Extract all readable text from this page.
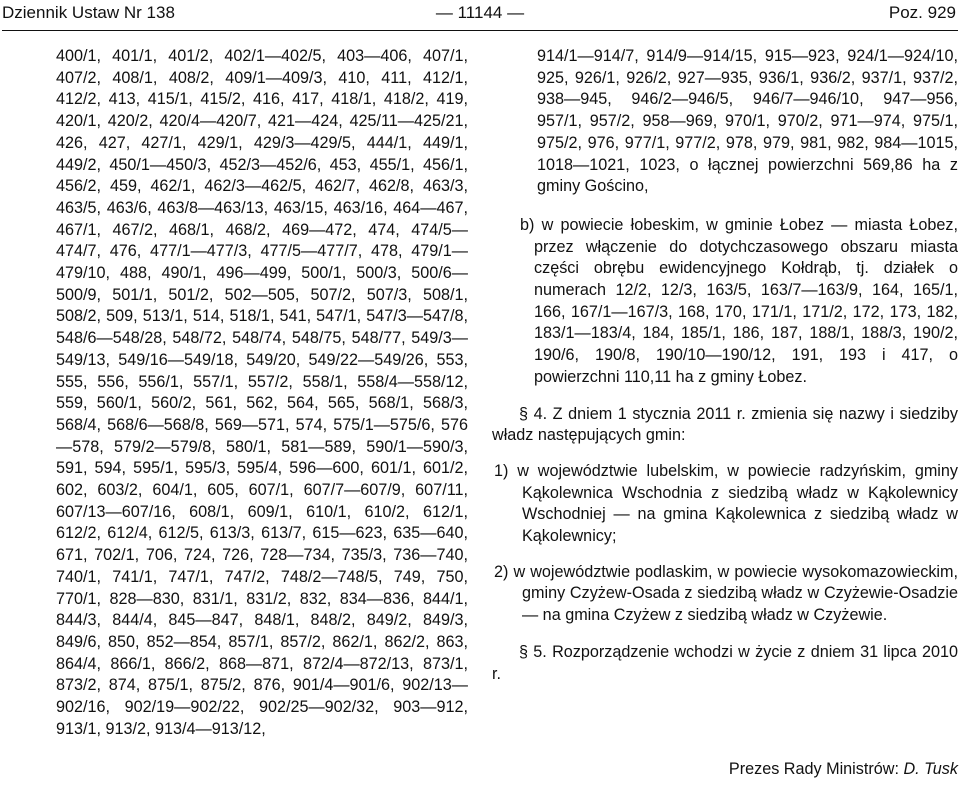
Dziennik Ustaw Nr 138	— 11144 —	Poz. 929

400/1, 401/1, 401/2, 402/1—402/5, 403—406, 407/1, 407/2, 408/1, 408/2, 409/1—409/3, 410, 411, 412/1, 412/2, 413, 415/1, 415/2, 416, 417, 418/1, 418/2, 419, 420/1, 420/2, 420/4—420/7, 421—424, 425/11—425/21, 426, 427, 427/1, 429/1, 429/3—429/5, 444/1, 449/1, 449/2, 450/1—450/3, 452/3—452/6, 453, 455/1, 456/1, 456/2, 459, 462/1, 462/3—462/5, 462/7, 462/8, 463/3, 463/5, 463/6, 463/8—463/13, 463/15, 463/16, 464—467, 467/1, 467/2, 468/1, 468/2, 469—472, 474, 474/5—474/7, 476, 477/1—477/3, 477/5—477/7, 478, 479/1—479/10, 488, 490/1, 496—499, 500/1, 500/3, 500/6—500/9, 501/1, 501/2, 502—505, 507/2, 507/3, 508/1, 508/2, 509, 513/1, 514, 518/1, 541, 547/1, 547/3—547/8, 548/6—548/28, 548/72, 548/74, 548/75, 548/77, 549/3—549/13, 549/16—549/18, 549/20, 549/22—549/26, 553, 555, 556, 556/1, 557/1, 557/2, 558/1, 558/4—558/12, 559, 560/1, 560/2, 561, 562, 564, 565, 568/1, 568/3, 568/4, 568/6—568/8, 569—571, 574, 575/1—575/6, 576—578, 579/2—579/8, 580/1, 581—589, 590/1—590/3, 591, 594, 595/1, 595/3, 595/4, 596—600, 601/1, 601/2, 602, 603/2, 604/1, 605, 607/1, 607/7—607/9, 607/11, 607/13—607/16, 608/1, 609/1, 610/1, 610/2, 612/1, 612/2, 612/4, 612/5, 613/3, 613/7, 615—623, 635—640, 671, 702/1, 706, 724, 726, 728—734, 735/3, 736—740, 740/1, 741/1, 747/1, 747/2, 748/2—748/5, 749, 750, 770/1, 828—830, 831/1, 831/2, 832, 834—836, 844/1, 844/3, 844/4, 845—847, 848/1, 848/2, 849/2, 849/3, 849/6, 850, 852—854, 857/1, 857/2, 862/1, 862/2, 863, 864/4, 866/1, 866/2, 868—871, 872/4—872/13, 873/1, 873/2, 874, 875/1, 875/2, 876, 901/4—901/6, 902/13—902/16, 902/19—902/22, 902/25—902/32, 903—912, 913/1, 913/2, 913/4—913/12,

914/1—914/7, 914/9—914/15, 915—923, 924/1—924/10, 925, 926/1, 926/2, 927—935, 936/1, 936/2, 937/1, 937/2, 938—945, 946/2—946/5, 946/7—946/10, 947—956, 957/1, 957/2, 958—969, 970/1, 970/2, 971—974, 975/1, 975/2, 976, 977/1, 977/2, 978, 979, 981, 982, 984—1015, 1018—1021, 1023, o łącznej powierzchni 569,86 ha z gminy Gościno,

b) w powiecie łobeskim, w gminie Łobez — miasta Łobez, przez włączenie do dotychczasowego obszaru miasta części obrębu ewidencyjnego Kołdrąb, tj. działek o numerach 12/2, 12/3, 163/5, 163/7—163/9, 164, 165/1, 166, 167/1—167/3, 168, 170, 171/1, 171/2, 172, 173, 182, 183/1—183/4, 184, 185/1, 186, 187, 188/1, 188/3, 190/2, 190/6, 190/8, 190/10—190/12, 191, 193 i 417, o powierzchni 110,11 ha z gminy Łobez.

§ 4. Z dniem 1 stycznia 2011 r. zmienia się nazwy i siedziby władz następujących gmin:

1) w województwie lubelskim, w powiecie radzyńskim, gminy Kąkolewnica Wschodnia z siedzibą władz w Kąkolewnicy Wschodniej — na gmina Kąkolewnica z siedzibą władz w Kąkolewnicy;

2) w województwie podlaskim, w powiecie wysokomazowieckim, gminy Czyżew-Osada z siedzibą władz w Czyżewie-Osadzie — na gmina Czyżew z siedzibą władz w Czyżewie.

§ 5. Rozporządzenie wchodzi w życie z dniem 31 lipca 2010 r.

Prezes Rady Ministrów: D. Tusk
